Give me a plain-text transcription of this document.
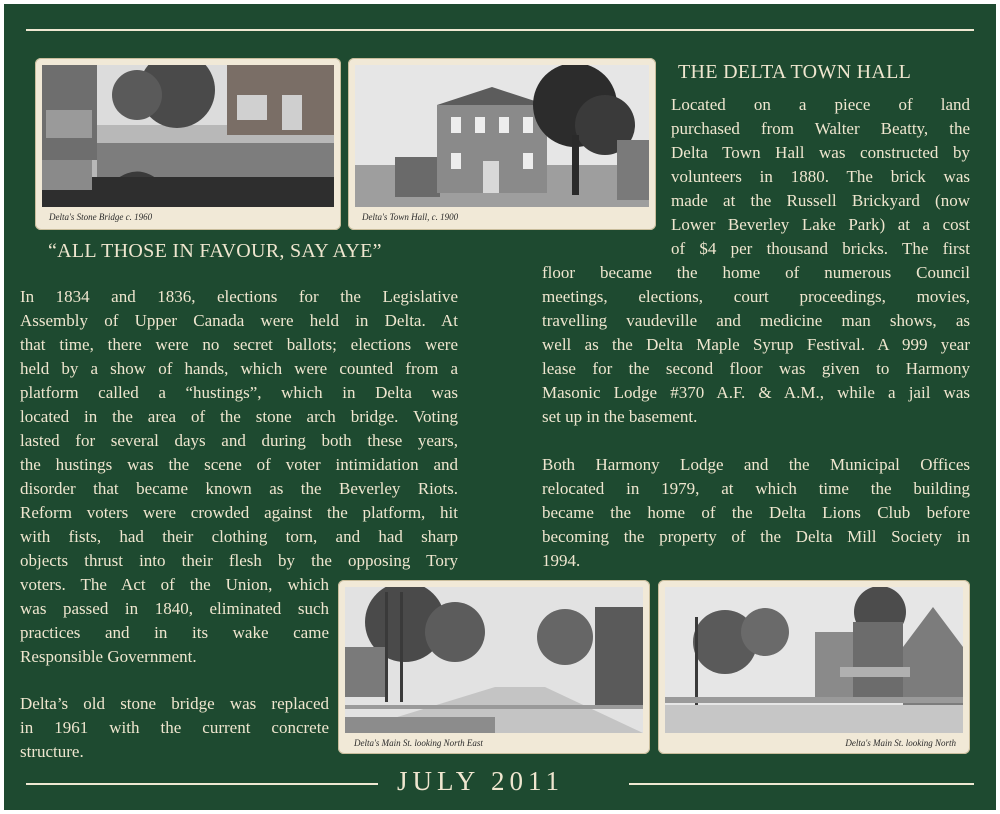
Delta's Stone Bridge c. 1960	Delta's Town Hall, c. 1900
“ALL THOSE IN FAVOUR, SAY AYE”
In 1834 and 1836, elections for the Legislative
Assembly of Upper Canada were held in Delta. At
that time, there were no secret ballots; elections were
held by a show of hands, which were counted from a
platform called a “hustings”, which in Delta was
located in the area of the stone arch bridge. Voting
lasted for several days and during both these years,
the hustings was the scene of voter intimidation and
disorder that became known as the Beverley Riots.
Reform voters were crowded against the platform, hit
with fists, had their clothing torn, and had sharp
objects thrust into their flesh by the opposing Tory
voters. The Act of the Union, which
was passed in 1840, eliminated such
practices and in its wake came
Responsible Government.
Delta’s old stone bridge was replaced
in 1961 with the current concrete
structure.
THE DELTA TOWN HALL
Located on a piece of land
purchased from Walter Beatty, the
Delta Town Hall was constructed by
volunteers in 1880. The brick was
made at the Russell Brickyard (now
Lower Beverley Lake Park) at a cost
of $4 per thousand bricks. The first
floor became the home of numerous Council
meetings, elections, court proceedings, movies,
travelling vaudeville and medicine man shows, as
well as the Delta Maple Syrup Festival. A 999 year
lease for the second floor was given to Harmony
Masonic Lodge #370 A.F. & A.M., while a jail was
set up in the basement.
Both Harmony Lodge and the Municipal Offices
relocated in 1979, at which time the building
became the home of the Delta Lions Club before
becoming the property of the Delta Mill Society in
1994.
Delta's Main St. looking North East	Delta's Main St. looking North
JULY 2011
